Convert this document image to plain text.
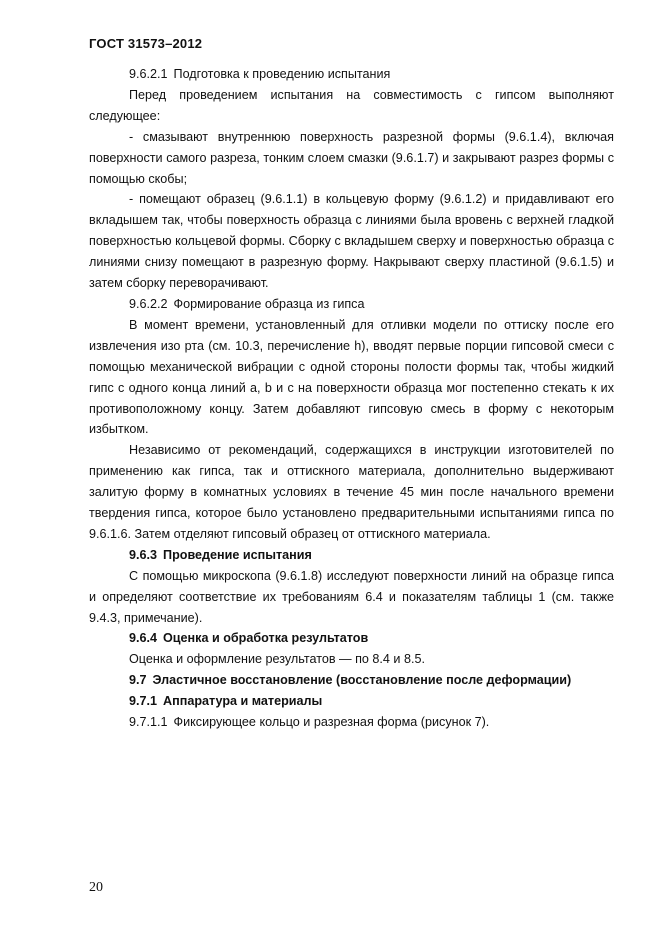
ГОСТ 31573–2012

9.6.2.1 Подготовка к проведению испытания

Перед проведением испытания на совместимость с гипсом выполняют следующее:

- смазывают внутреннюю поверхность разрезной формы (9.6.1.4), включая поверхности самого разреза, тонким слоем смазки (9.6.1.7) и закрывают разрез формы с помощью скобы;

- помещают образец (9.6.1.1) в кольцевую форму (9.6.1.2) и придавливают его вкладышем так, чтобы поверхность образца с линиями была вровень с верхней гладкой поверхностью кольцевой формы. Сборку с вкладышем сверху и поверхностью образца с линиями снизу помещают в разрезную форму. Накрывают сверху пластиной (9.6.1.5) и затем сборку переворачивают.

9.6.2.2 Формирование образца из гипса

В момент времени, установленный для отливки модели по оттиску после его извлечения изо рта (см. 10.3, перечисление h), вводят первые порции гипсовой смеси с помощью механической вибрации с одной стороны полости формы так, чтобы жидкий гипс с одного конца линий a, b и c на поверхности образца мог постепенно стекать к их противоположному концу. Затем добавляют гипсовую смесь в форму с некоторым избытком.

Независимо от рекомендаций, содержащихся в инструкции изготовителей по применению как гипса, так и оттискного материала, дополнительно выдерживают залитую форму в комнатных условиях в течение 45 мин после начального времени твердения гипса, которое было установлено предварительными испытаниями гипса по 9.6.1.6. Затем отделяют гипсовый образец от оттискного материала.

9.6.3 Проведение испытания

С помощью микроскопа (9.6.1.8) исследуют поверхности линий на образце гипса и определяют соответствие их требованиям 6.4 и показателям таблицы 1 (см. также 9.4.3, примечание).

9.6.4 Оценка и обработка результатов

Оценка и оформление результатов — по 8.4 и 8.5.

9.7 Эластичное восстановление (восстановление после деформации)

9.7.1 Аппаратура и материалы

9.7.1.1 Фиксирующее кольцо и разрезная форма (рисунок 7).

20
